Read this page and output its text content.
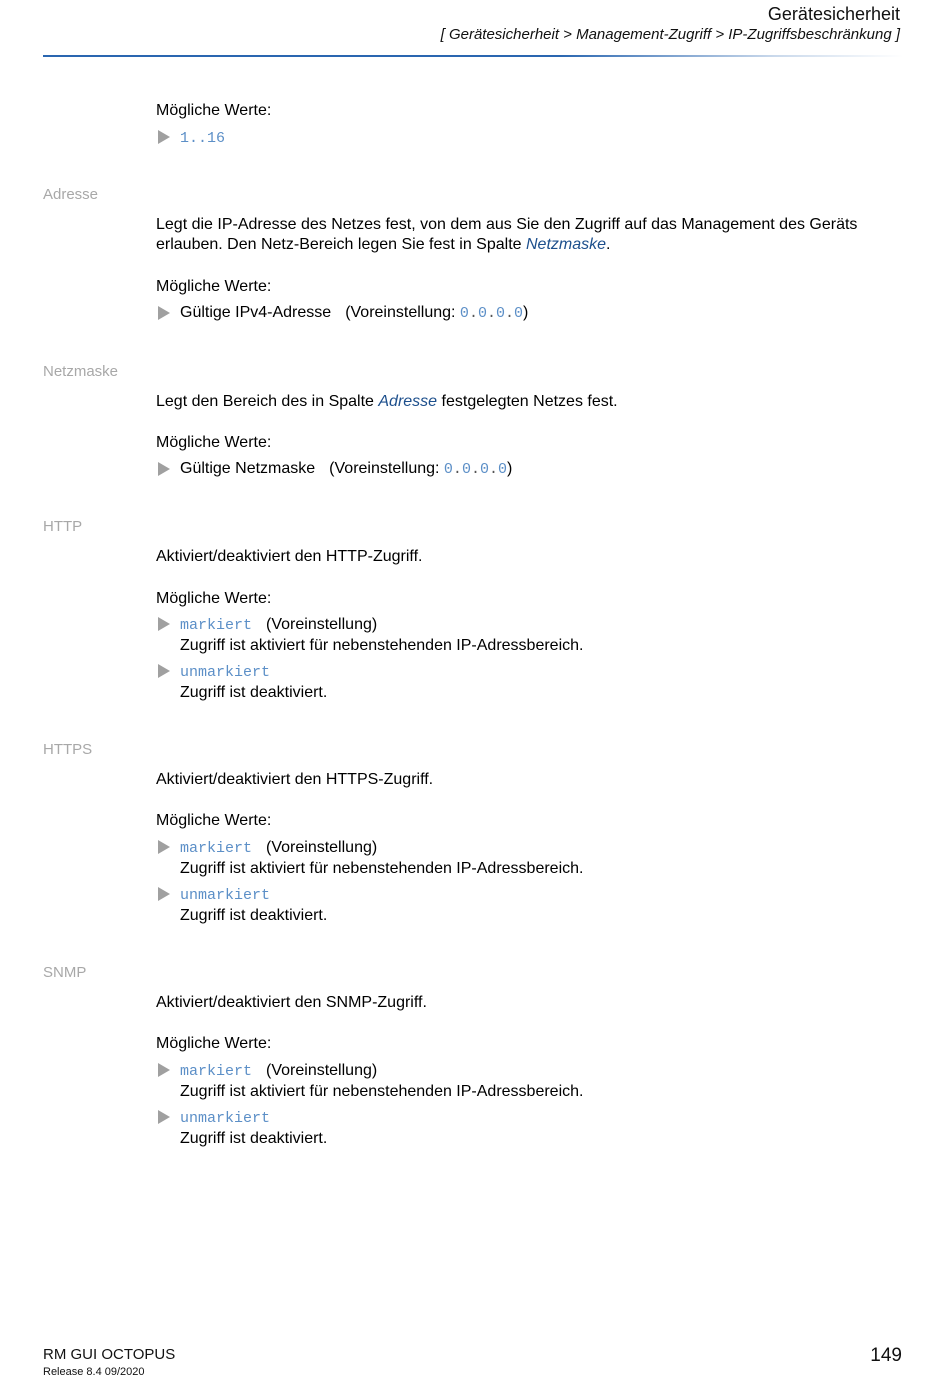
Gerätesicherheit
[ Gerätesicherheit > Management-Zugriff > IP-Zugriffsbeschränkung ]
Mögliche Werte:
1..16
Adresse
Legt die IP-Adresse des Netzes fest, von dem aus Sie den Zugriff auf das Management des Geräts
erlauben. Den Netz-Bereich legen Sie fest in Spalte Netzmaske.
Mögliche Werte:
Gültige IPv4-Adresse (Voreinstellung: 0.0.0.0)
Netzmaske
Legt den Bereich des in Spalte Adresse festgelegten Netzes fest.
Mögliche Werte:
Gültige Netzmaske (Voreinstellung: 0.0.0.0)
HTTP
Aktiviert/deaktiviert den HTTP-Zugriff.
Mögliche Werte:
markiert (Voreinstellung)
Zugriff ist aktiviert für nebenstehenden IP-Adressbereich.
unmarkiert
Zugriff ist deaktiviert.
HTTPS
Aktiviert/deaktiviert den HTTPS-Zugriff.
Mögliche Werte:
markiert (Voreinstellung)
Zugriff ist aktiviert für nebenstehenden IP-Adressbereich.
unmarkiert
Zugriff ist deaktiviert.
SNMP
Aktiviert/deaktiviert den SNMP-Zugriff.
Mögliche Werte:
markiert (Voreinstellung)
Zugriff ist aktiviert für nebenstehenden IP-Adressbereich.
unmarkiert
Zugriff ist deaktiviert.
RM GUI OCTOPUS
Release 8.4 09/2020
149
